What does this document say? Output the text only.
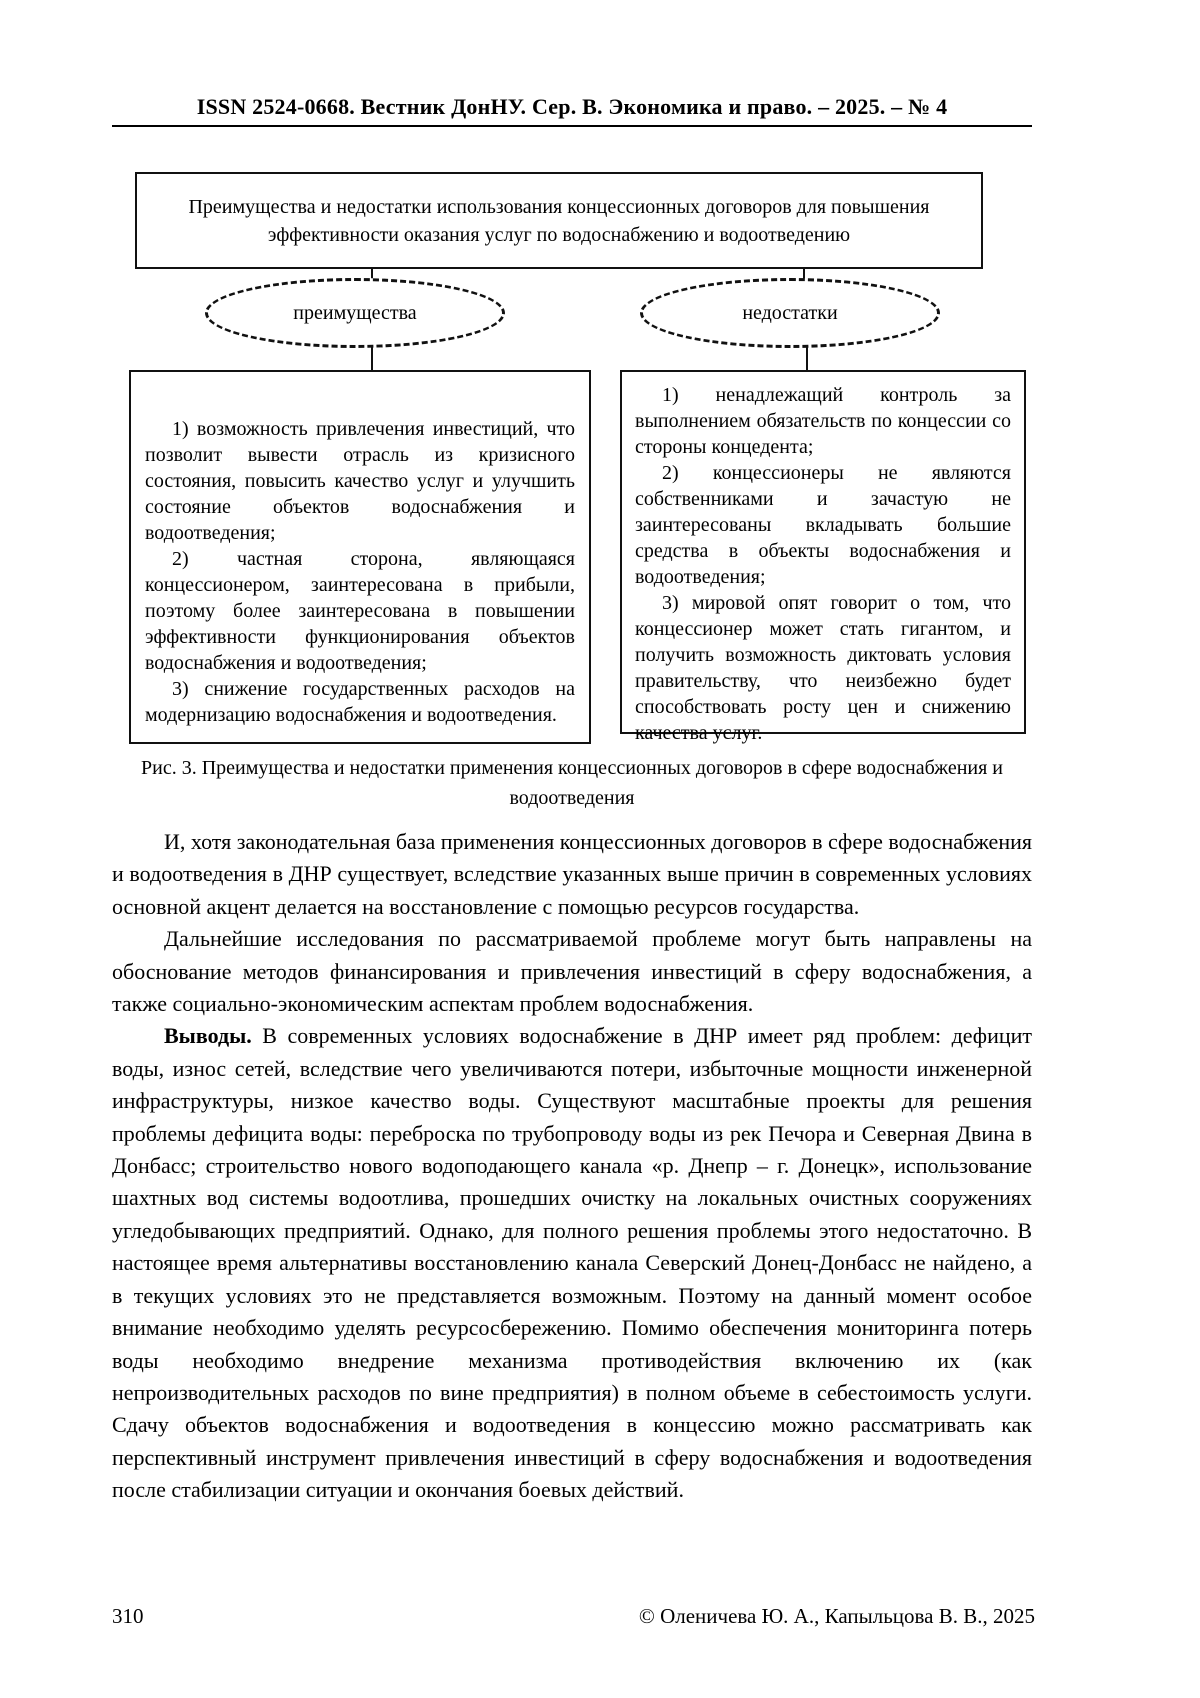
ISSN 2524-0668. Вестник ДонНУ. Сер. В. Экономика и право. – 2025. – № 4
Преимущества и недостатки использования концессионных договоров для повышения эффективности оказания услуг по водоснабжению и водоотведению
преимущества	недостатки

1) возможность привлечения инвестиций, что позволит вывести отрасль из кризисного состояния, повысить качество услуг и улучшить состояние объектов водоснабжения и водоотведения;

2) частная сторона, являющаяся концессионером, заинтересована в прибыли, поэтому более заинтересована в повышении эффективности функционирования объектов водоснабжения и водоотведения;

3) снижение государственных расходов на модернизацию водоснабжения и водоотведения.

1) ненадлежащий контроль за выполнением обязательств по концессии со стороны концедента;

2) концессионеры не являются собственниками и зачастую не заинтересованы вкладывать большие средства в объекты водоснабжения и водоотведения;

3) мировой опят говорит о том, что концессионер может стать гигантом, и получить возможность диктовать условия правительству, что неизбежно будет способствовать росту цен и снижению качества услуг.

Рис. 3. Преимущества и недостатки применения концессионных договоров в сфере водоснабжения и водоотведения

И, хотя законодательная база применения концессионных договоров в сфере водоснабжения и водоотведения в ДНР существует, вследствие указанных выше причин в современных условиях основной акцент делается на восстановление с помощью ресурсов государства.

Дальнейшие исследования по рассматриваемой проблеме могут быть направлены на обоснование методов финансирования и привлечения инвестиций в сферу водоснабжения, а также социально-экономическим аспектам проблем водоснабжения.

Выводы. В современных условиях водоснабжение в ДНР имеет ряд проблем: дефицит воды, износ сетей, вследствие чего увеличиваются потери, избыточные мощности инженерной инфраструктуры, низкое качество воды. Существуют масштабные проекты для решения проблемы дефицита воды: переброска по трубопроводу воды из рек Печора и Северная Двина в Донбасс; строительство нового водоподающего канала «р. Днепр – г. Донецк», использование шахтных вод системы водоотлива, прошедших очистку на локальных очистных сооружениях угледобывающих предприятий. Однако, для полного решения проблемы этого недостаточно. В настоящее время альтернативы восстановлению канала Северский Донец-Донбасс не найдено, а в текущих условиях это не представляется возможным. Поэтому на данный момент особое внимание необходимо уделять ресурсосбережению. Помимо обеспечения мониторинга потерь воды необходимо внедрение механизма противодействия включению их (как непроизводительных расходов по вине предприятия) в полном объеме в себестоимость услуги. Сдачу объектов водоснабжения и водоотведения в концессию можно рассматривать как перспективный инструмент привлечения инвестиций в сферу водоснабжения и водоотведения после стабилизации ситуации и окончания боевых действий.

310	© Оленичева Ю. А., Капыльцова В. В., 2025
